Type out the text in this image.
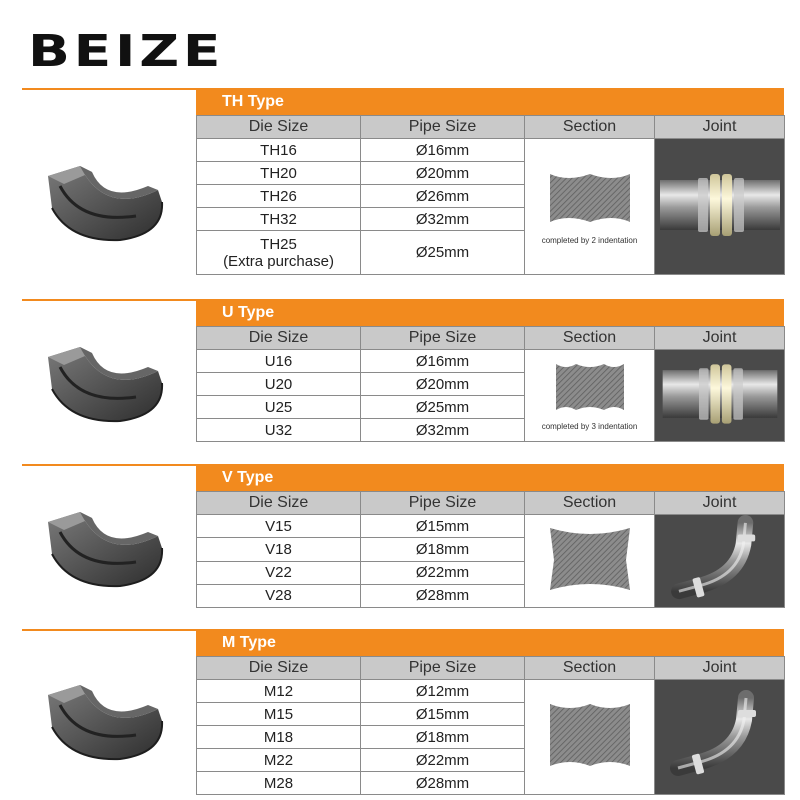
BEIZE
TH Type
Die Size	Pipe Size	Section	Joint
TH16	Ø16mm	completed by 2 indentation

TH20	Ø20mm		
TH26	Ø26mm		
TH32	Ø32mm		
TH25
(Extra purchase)	Ø25mm		
U Type
Die Size	Pipe Size	Section	Joint
U16	Ø16mm	completed by 3 indentation

U20	Ø20mm		
U25	Ø25mm		
U32	Ø32mm		
V Type
Die Size	Pipe Size	Section	Joint
V15	Ø15mm		
V18	Ø18mm		
V22	Ø22mm		
V28	Ø28mm		
M Type
Die Size	Pipe Size	Section	Joint
M12	Ø12mm		
M15	Ø15mm		
M18	Ø18mm		
M22	Ø22mm		
M28	Ø28mm		
